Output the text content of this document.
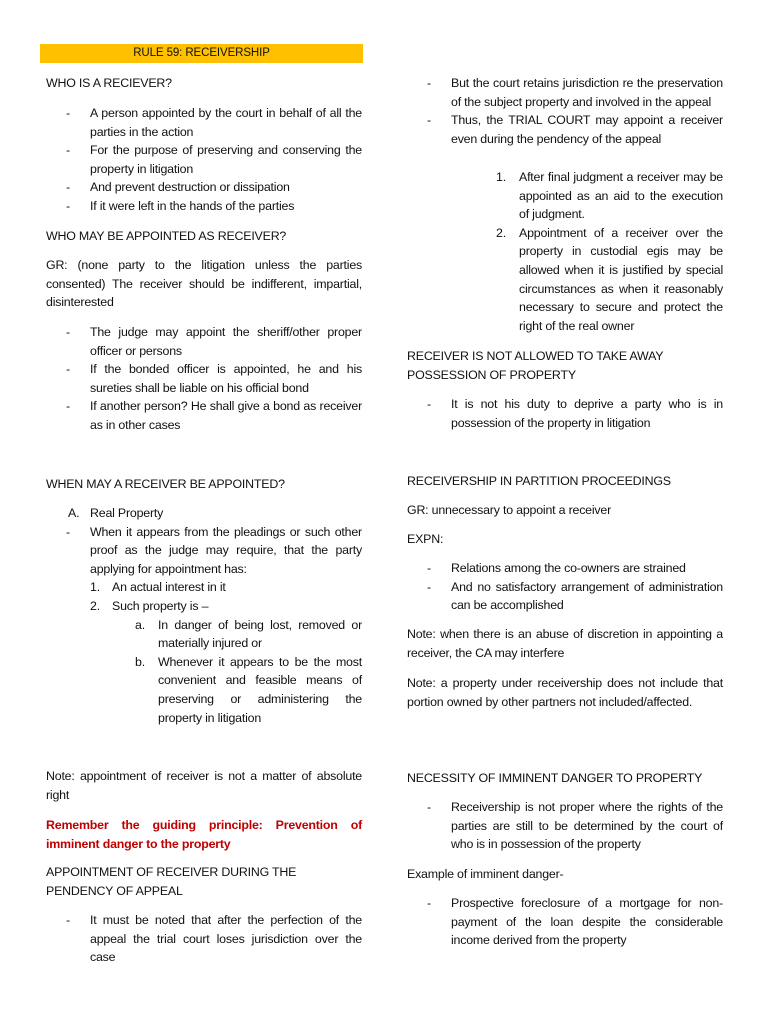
RULE 59: RECEIVERSHIP

WHO IS A RECIEVER?

- A person appointed by the court in behalf of all the parties in the action
- For the purpose of preserving and conserving the property in litigation
- And prevent destruction or dissipation
- If it were left in the hands of the parties

WHO MAY BE APPOINTED AS RECEIVER?

GR: (none party to the litigation unless the parties consented) The receiver should be indifferent, impartial, disinterested

- The judge may appoint the sheriff/other proper officer or persons
- If the bonded officer is appointed, he and his sureties shall be liable on his official bond
- If another person? He shall give a bond as receiver as in other cases

WHEN MAY A RECEIVER BE APPOINTED?

A. Real Property
- When it appears from the pleadings or such other proof as the judge may require, that the party applying for appointment has:
1. An actual interest in it
2. Such property is –
a. In danger of being lost, removed or materially injured or
b. Whenever it appears to be the most convenient and feasible means of preserving or administering the property in litigation

Note: appointment of receiver is not a matter of absolute right

Remember the guiding principle: Prevention of imminent danger to the property

APPOINTMENT OF RECEIVER DURING THE PENDENCY OF APPEAL

- It must be noted that after the perfection of the appeal the trial court loses jurisdiction over the case
- But the court retains jurisdiction re the preservation of the subject property and involved in the appeal
- Thus, the TRIAL COURT may appoint a receiver even during the pendency of the appeal
1. After final judgment a receiver may be appointed as an aid to the execution of judgment.
2. Appointment of a receiver over the property in custodial egis may be allowed when it is justified by special circumstances as when it reasonably necessary to secure and protect the right of the real owner

RECEIVER IS NOT ALLOWED TO TAKE AWAY POSSESSION OF PROPERTY

- It is not his duty to deprive a party who is in possession of the property in litigation

RECEIVERSHIP IN PARTITION PROCEEDINGS

GR: unnecessary to appoint a receiver

EXPN:

- Relations among the co-owners are strained
- And no satisfactory arrangement of administration can be accomplished

Note: when there is an abuse of discretion in appointing a receiver, the CA may interfere

Note: a property under receivership does not include that portion owned by other partners not included/affected.

NECESSITY OF IMMINENT DANGER TO PROPERTY

- Receivership is not proper where the rights of the parties are still to be determined by the court of who is in possession of the property

Example of imminent danger-

- Prospective foreclosure of a mortgage for non-payment of the loan despite the considerable income derived from the property
